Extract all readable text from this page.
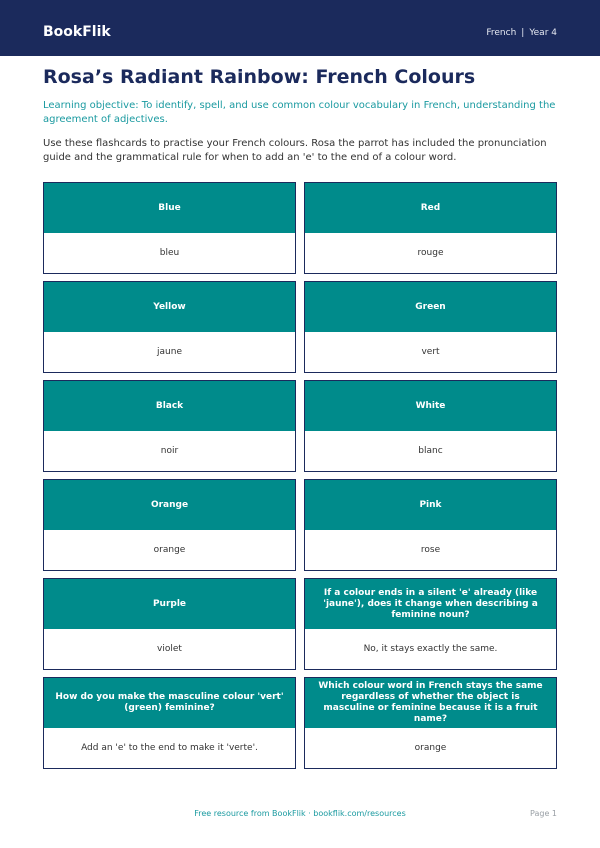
BookFlik	French | Year 4
Rosa’s Radiant Rainbow: French Colours

Learning objective: To identify, spell, and use common colour vocabulary in French, understanding the agreement of adjectives.

Use these flashcards to practise your French colours. Rosa the parrot has included the pronunciation guide and the grammatical rule for when to add an 'e' to the end of a colour word.

Blue
bleu
Red
rouge
Yellow
jaune
Green
vert
Black
noir
White
blanc
Orange
orange
Pink
rose
Purple
violet
If a colour ends in a silent 'e' already (like 'jaune'), does it change when describing a feminine noun?
No, it stays exactly the same.
How do you make the masculine colour 'vert' (green) feminine?
Add an 'e' to the end to make it 'verte'.
Which colour word in French stays the same regardless of whether the object is masculine or feminine because it is a fruit name?
orange
Free resource from BookFlik · bookflik.com/resources	Page 1
